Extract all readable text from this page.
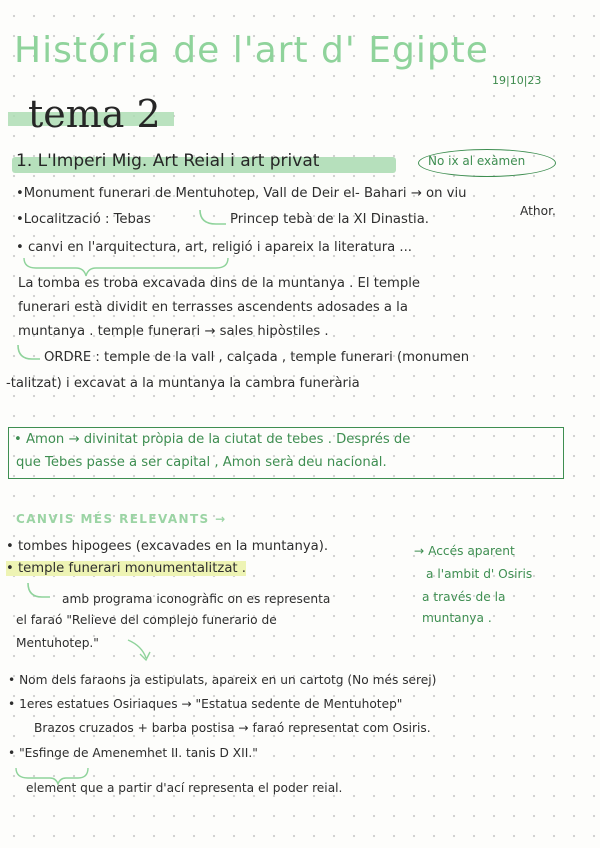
História de l'art d' Egipte
19|10|23
tema 2
1. L'Imperi Mig. Art Reial i art privat	No ix al exàmen
•Monument funerari de Mentuhotep, Vall de Deir el- Bahari → on viu
Athor.
•Localització : Tebas	Princep tebà de la XI Dinastia.
• canvi en l'arquitectura, art, religió i apareix la literatura ...
La tomba es troba excavada dins de la muntanya . El temple
funerari està dividit en terrasses ascendents adosades a la
muntanya . temple funerari → sales hipòstiles .
ORDRE : temple de la vall , calçada , temple funerari (monumen
-talitzat) i excavat a la muntanya la cambra funerària
• Amon → divinitat pròpia de la ciutat de tebes . Després de
que Tebes passe a ser capital , Amon serà deu nacional.
CANVIS MÉS RELEVANTS →
• tombes hipogees (excavades en la muntanya).
• temple funerari monumentalitzat .
→ Accés aparent
a l'ambit d' Osiris
a través de la
muntanya .
amb programa iconogràfic on es representa
el faraó "Relieve del complejo funerario de
Mentuhotep."
• Nom dels faraons ja estipulats, apareix en un cartotg (No més serej)
• 1eres estatues Osiriaques → "Estatua sedente de Mentuhotep"
Brazos cruzados + barba postisa → faraó representat com Osiris.
• "Esfinge de Amenemhet II. tanis D XII."
element que a partir d'ací representa el poder reial.
